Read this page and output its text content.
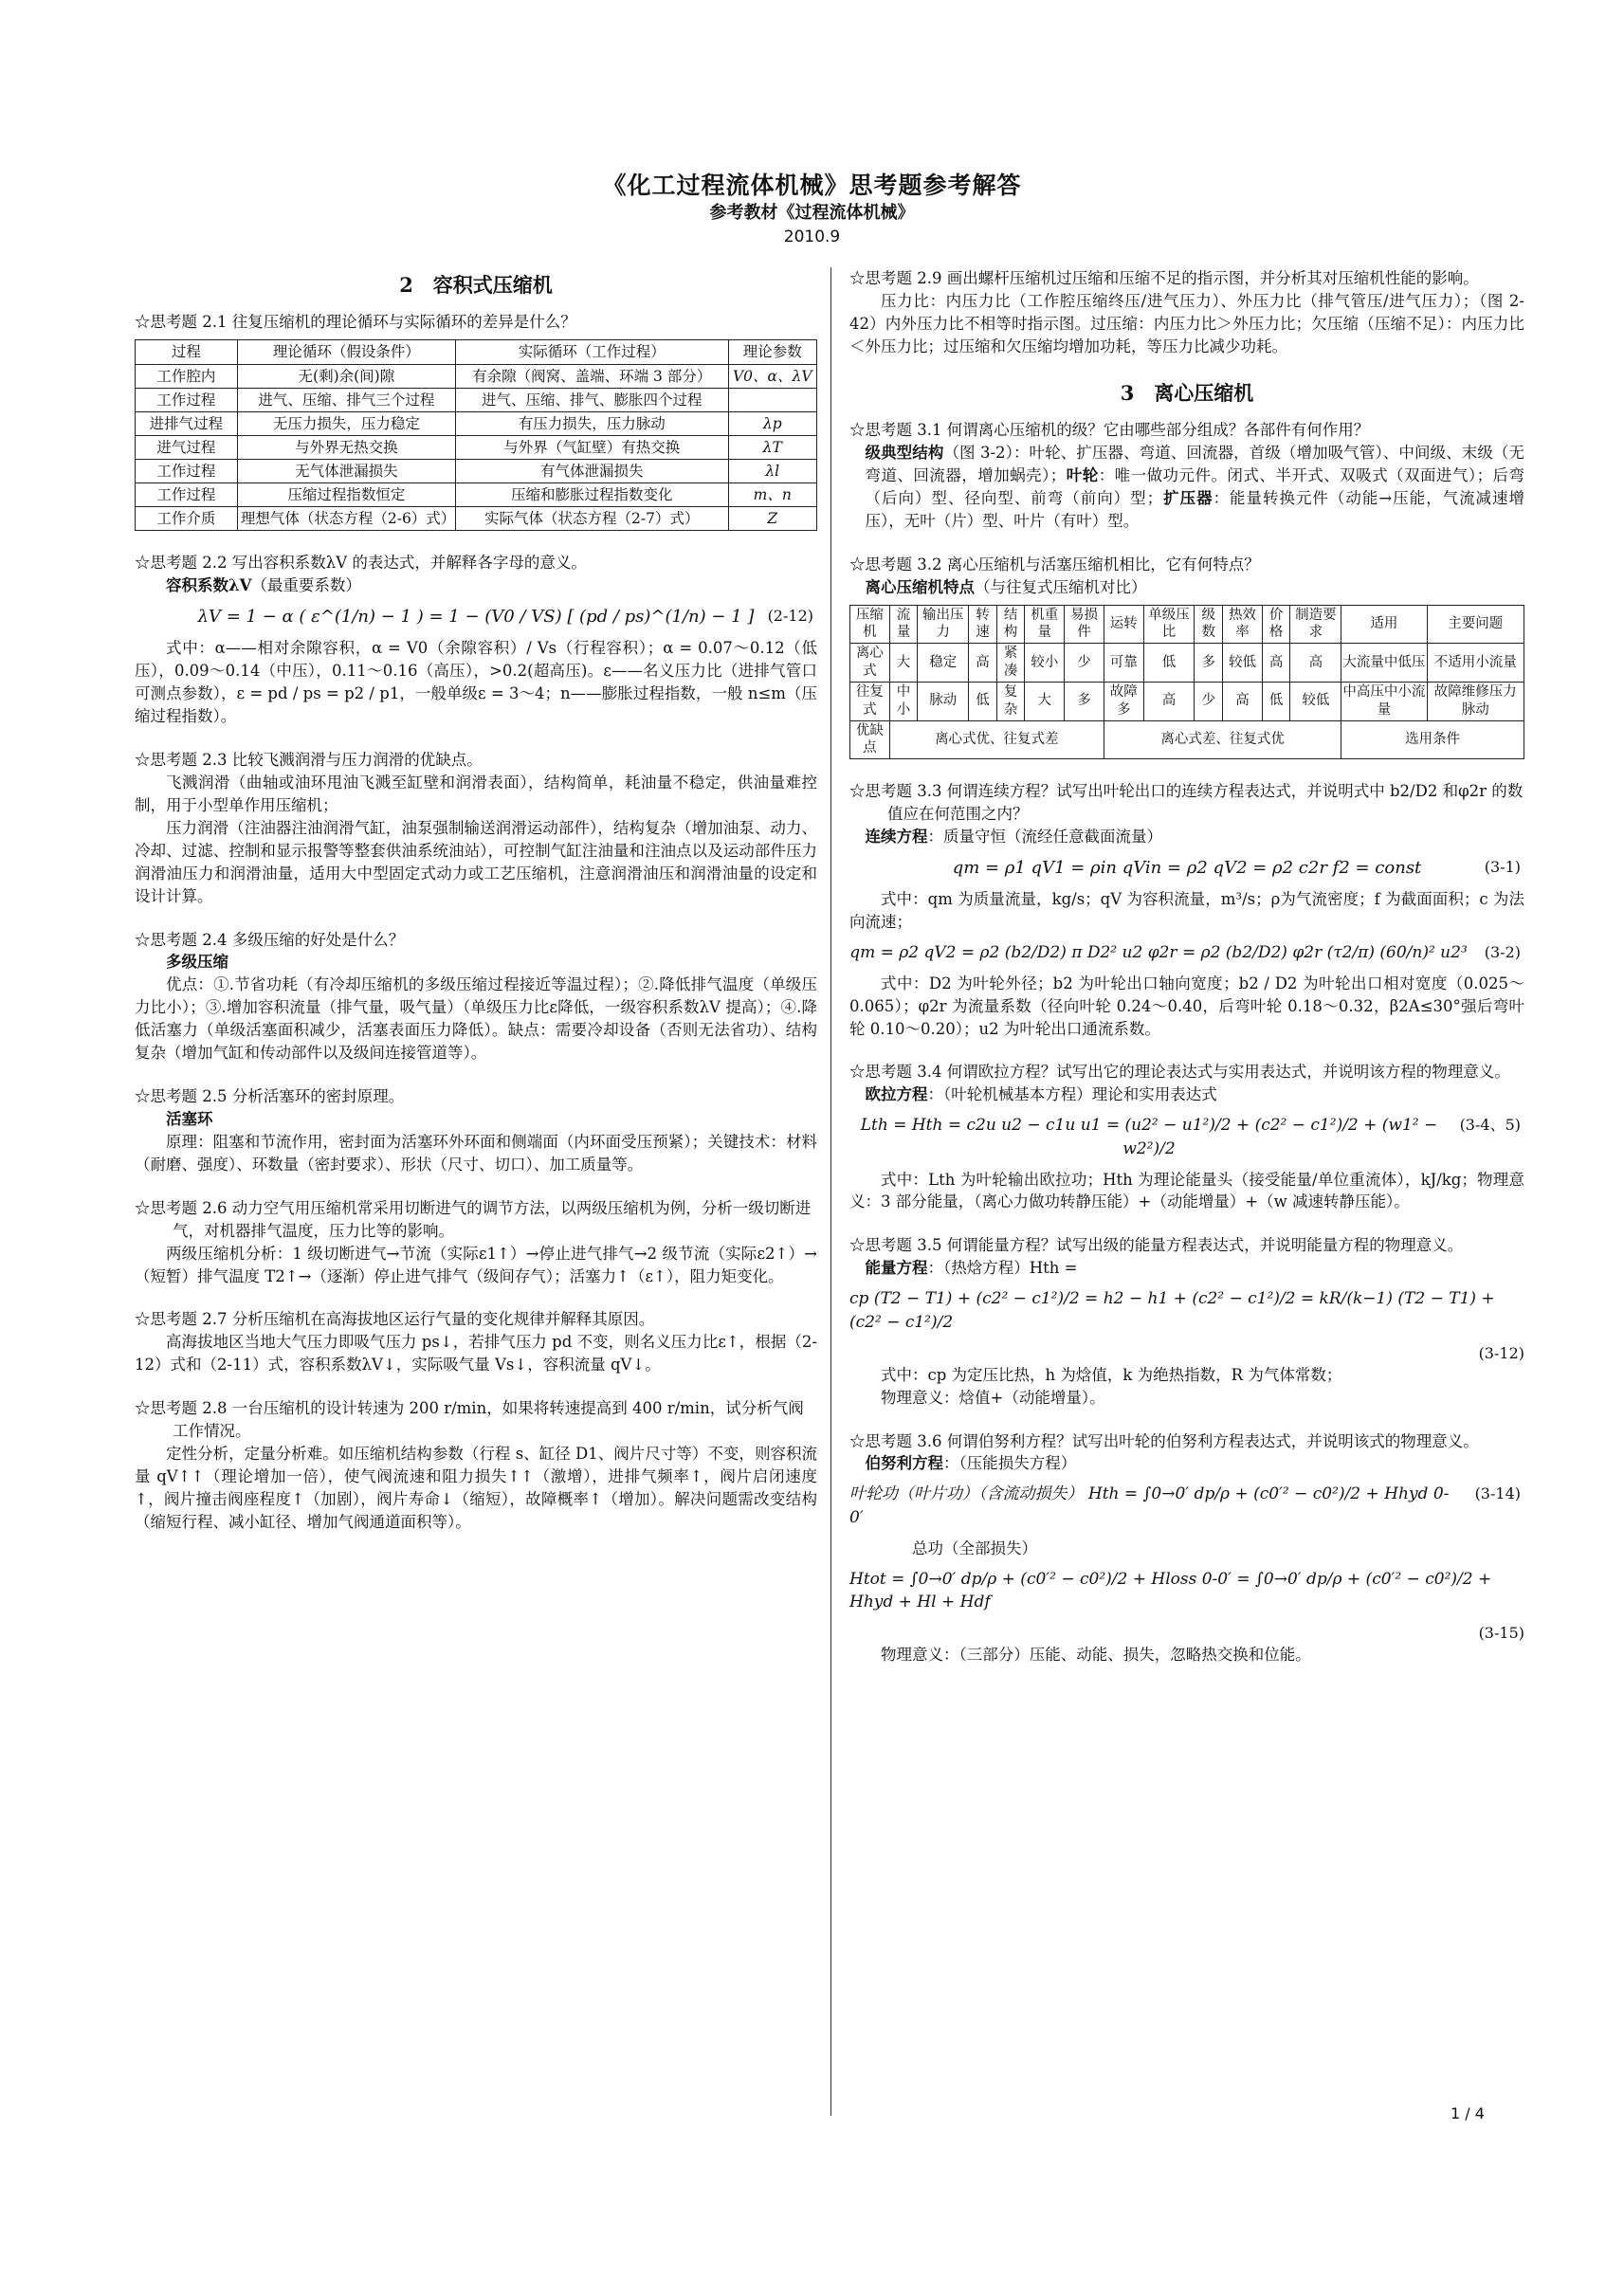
《化工过程流体机械》思考题参考解答
参考教材《过程流体机械》
2010.9
2　容积式压缩机

☆思考题 2.1 往复压缩机的理论循环与实际循环的差异是什么？

过程	理论循环（假设条件）	实际循环（工作过程）	理论参数
工作腔内	无(剩)余(间)隙	有余隙（阀窝、盖端、环端 3 部分）	V0、α、λV
工作过程	进气、压缩、排气三个过程	进气、压缩、排气、膨胀四个过程	
进排气过程	无压力损失，压力稳定	有压力损失，压力脉动	λp
进气过程	与外界无热交换	与外界（气缸壁）有热交换	λT
工作过程	无气体泄漏损失	有气体泄漏损失	λl
工作过程	压缩过程指数恒定	压缩和膨胀过程指数变化	m、n
工作介质	理想气体（状态方程（2-6）式）	实际气体（状态方程（2-7）式）	Z

☆思考题 2.2 写出容积系数λV 的表达式，并解释各字母的意义。

容积系数λV（最重要系数）

λV = 1 − α ( ε^(1/n) − 1 ) = 1 − (V0 / VS) [ (pd / ps)^(1/n) − 1 ] (2-12)

式中：α——相对余隙容积，α = V0（余隙容积）/ Vs（行程容积）；α = 0.07～0.12（低压），0.09～0.14（中压），0.11～0.16（高压），>0.2(超高压)。ε——名义压力比（进排气管口可测点参数），ε = pd / ps = p2 / p1，一般单级ε = 3～4；n——膨胀过程指数，一般 n≤m（压缩过程指数）。

☆思考题 2.3 比较飞溅润滑与压力润滑的优缺点。

飞溅润滑（曲轴或油环甩油飞溅至缸壁和润滑表面），结构简单，耗油量不稳定，供油量难控制，用于小型单作用压缩机；

压力润滑（注油器注油润滑气缸，油泵强制输送润滑运动部件），结构复杂（增加油泵、动力、冷却、过滤、控制和显示报警等整套供油系统油站），可控制气缸注油量和注油点以及运动部件压力润滑油压力和润滑油量，适用大中型固定式动力或工艺压缩机，注意润滑油压和润滑油量的设定和设计计算。

☆思考题 2.4 多级压缩的好处是什么？

多级压缩

优点：①.节省功耗（有冷却压缩机的多级压缩过程接近等温过程）；②.降低排气温度（单级压力比小）；③.增加容积流量（排气量，吸气量）（单级压力比ε降低，一级容积系数λV 提高）；④.降低活塞力（单级活塞面积减少，活塞表面压力降低）。缺点：需要冷却设备（否则无法省功）、结构复杂（增加气缸和传动部件以及级间连接管道等）。

☆思考题 2.5 分析活塞环的密封原理。

活塞环

原理：阻塞和节流作用，密封面为活塞环外环面和侧端面（内环面受压预紧）；关键技术：材料（耐磨、强度）、环数量（密封要求）、形状（尺寸、切口）、加工质量等。

☆思考题 2.6 动力空气用压缩机常采用切断进气的调节方法，以两级压缩机为例，分析一级切断进气，对机器排气温度，压力比等的影响。

两级压缩机分析：1 级切断进气→节流（实际ε1↑）→停止进气排气→2 级节流（实际ε2↑）→（短暂）排气温度 T2↑→（逐渐）停止进气排气（级间存气）；活塞力↑（ε↑），阻力矩变化。

☆思考题 2.7 分析压缩机在高海拔地区运行气量的变化规律并解释其原因。

高海拔地区当地大气压力即吸气压力 ps↓，若排气压力 pd 不变，则名义压力比ε↑，根据（2-12）式和（2-11）式，容积系数λV↓，实际吸气量 Vs↓，容积流量 qV↓。

☆思考题 2.8 一台压缩机的设计转速为 200 r/min，如果将转速提高到 400 r/min，试分析气阀工作情况。

定性分析，定量分析难。如压缩机结构参数（行程 s、缸径 D1、阀片尺寸等）不变，则容积流量 qV↑↑（理论增加一倍），使气阀流速和阻力损失↑↑（激增），进排气频率↑，阀片启闭速度↑，阀片撞击阀座程度↑（加剧），阀片寿命↓（缩短），故障概率↑（增加）。解决问题需改变结构（缩短行程、减小缸径、增加气阀通道面积等）。

☆思考题 2.9 画出螺杆压缩机过压缩和压缩不足的指示图，并分析其对压缩机性能的影响。

压力比：内压力比（工作腔压缩终压/进气压力）、外压力比（排气管压/进气压力）；（图 2-42）内外压力比不相等时指示图。过压缩：内压力比＞外压力比；欠压缩（压缩不足）：内压力比＜外压力比；过压缩和欠压缩均增加功耗，等压力比减少功耗。

3　离心压缩机

☆思考题 3.1 何谓离心压缩机的级？它由哪些部分组成？各部件有何作用？

级典型结构（图 3-2）：叶轮、扩压器、弯道、回流器，首级（增加吸气管）、中间级、末级（无弯道、回流器，增加蜗壳）；叶轮：唯一做功元件。闭式、半开式、双吸式（双面进气）；后弯（后向）型、径向型、前弯（前向）型；扩压器：能量转换元件（动能→压能，气流减速增压），无叶（片）型、叶片（有叶）型。

☆思考题 3.2 离心压缩机与活塞压缩机相比，它有何特点？

离心压缩机特点（与往复式压缩机对比）

压缩机	流量	输出压力	转速	结构	机重量	易损件	运转	单级压比	级数	热效率	价格	制造要求	适用	主要问题
离心式	大	稳定	高	紧凑	较小	少	可靠	低	多	较低	高	高	大流量中低压	不适用小流量
往复式	中小	脉动	低	复杂	大	多	故障多	高	少	高	低	较低	中高压中小流量	故障维修压力脉动
优缺点	离心式优、往复式差						离心式差、往复式优						选用条件	

☆思考题 3.3 何谓连续方程？试写出叶轮出口的连续方程表达式，并说明式中 b2/D2 和φ2r 的数值应在何范围之内？

连续方程：质量守恒（流经任意截面流量）

qm = ρ1 qV1 = ρin qVin = ρ2 qV2 = ρ2 c2r f2 = const	(3-1)

式中：qm 为质量流量，kg/s；qV 为容积流量，m³/s；ρ为气流密度；f 为截面面积；c 为法向流速；

qm = ρ2 qV2 = ρ2 (b2/D2) π D2² u2 φ2r = ρ2 (b2/D2) φ2r (τ2/π) (60/n)² u2³ (3-2)

式中：D2 为叶轮外径；b2 为叶轮出口轴向宽度；b2 / D2 为叶轮出口相对宽度（0.025～0.065）；φ2r 为流量系数（径向叶轮 0.24～0.40，后弯叶轮 0.18～0.32，β2A≤30°强后弯叶轮 0.10～0.20）；u2 为叶轮出口通流系数。

☆思考题 3.4 何谓欧拉方程？试写出它的理论表达式与实用表达式，并说明该方程的物理意义。

欧拉方程：（叶轮机械基本方程）理论和实用表达式

Lth = Hth = c2u u2 − c1u u1 = (u2² − u1²)/2 + (c2² − c1²)/2 + (w1² − w2²)/2
(3-4、5)

式中：Lth 为叶轮输出欧拉功；Hth 为理论能量头（接受能量/单位重流体），kJ/kg；物理意义：3 部分能量，（离心力做功转静压能）+（动能增量）+（w 减速转静压能）。

☆思考题 3.5 何谓能量方程？试写出级的能量方程表达式，并说明能量方程的物理意义。

能量方程：（热焓方程）Hth =

cp (T2 − T1) + (c2² − c1²)/2 = h2 − h1 + (c2² − c1²)/2 = kR/(k−1) (T2 − T1) + (c2² − c1²)/2
(3-12)

式中：cp 为定压比热，h 为焓值，k 为绝热指数，R 为气体常数；

物理意义：焓值+（动能增量）。

☆思考题 3.6 何谓伯努利方程？试写出叶轮的伯努利方程表达式，并说明该式的物理意义。

伯努利方程：（压能损失方程）

叶轮功（叶片功）（含流动损失） Hth = ∫0→0′ dp/ρ + (c0′² − c0²)/2 + Hhyd 0-0′
(3-14)

总功（全部损失）

Htot = ∫0→0′ dp/ρ + (c0′² − c0²)/2 + Hloss 0-0′ = ∫0→0′ dp/ρ + (c0′² − c0²)/2 + Hhyd + Hl + Hdf
(3-15)

物理意义：（三部分）压能、动能、损失，忽略热交换和位能。

1 / 4
